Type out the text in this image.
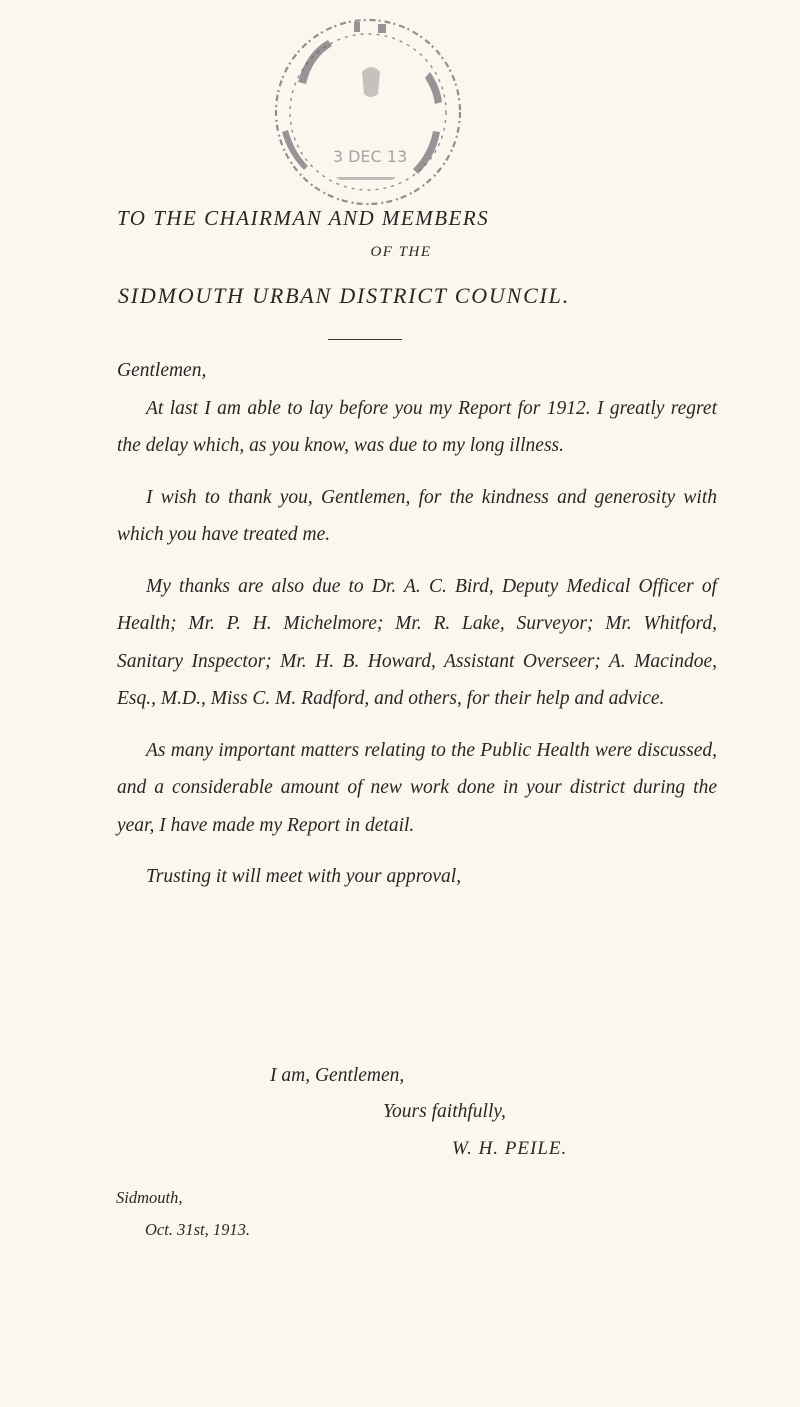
3 DEC 13
TO THE CHAIRMAN AND MEMBERS
OF THE
SIDMOUTH URBAN DISTRICT COUNCIL.

Gentlemen,

At last I am able to lay before you my Report for 1912. I greatly regret the delay which, as you know, was due to my long illness.

I wish to thank you, Gentlemen, for the kindness and generosity with which you have treated me.

My thanks are also due to Dr. A. C. Bird, Deputy Medical Officer of Health; Mr. P. H. Michelmore; Mr. R. Lake, Surveyor; Mr. Whitford, Sanitary Inspector; Mr. H. B. Howard, Assistant Overseer; A. Macindoe, Esq., M.D., Miss C. M. Radford, and others, for their help and advice.

As many important matters relating to the Public Health were discussed, and a considerable amount of new work done in your district during the year, I have made my Report in detail.

Trusting it will meet with your approval,

I am, Gentlemen,
Yours faithfully,
W. H. PEILE.
Sidmouth,
Oct. 31st, 1913.
